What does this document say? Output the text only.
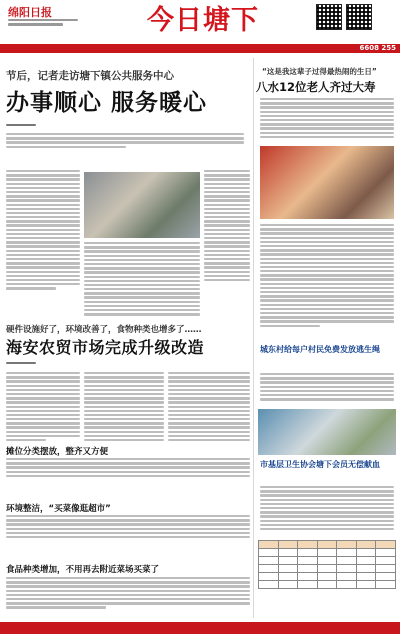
绵阳日报	今日塘下
6608 255
节后，记者走访塘下镇公共服务中心
办事顺心 服务暖心
硬件设施好了，环境改善了，食物种类也增多了……
海安农贸市场完成升级改造
摊位分类摆放，整齐又方便
环境整洁，“买菜像逛超市”
食品种类增加，不用再去附近菜场买菜了
“这是我这辈子过得最热闹的生日”
八水12位老人齐过大寿
城东村给每户村民免费发放逃生绳
市基层卫生协会塘下会员无偿献血
